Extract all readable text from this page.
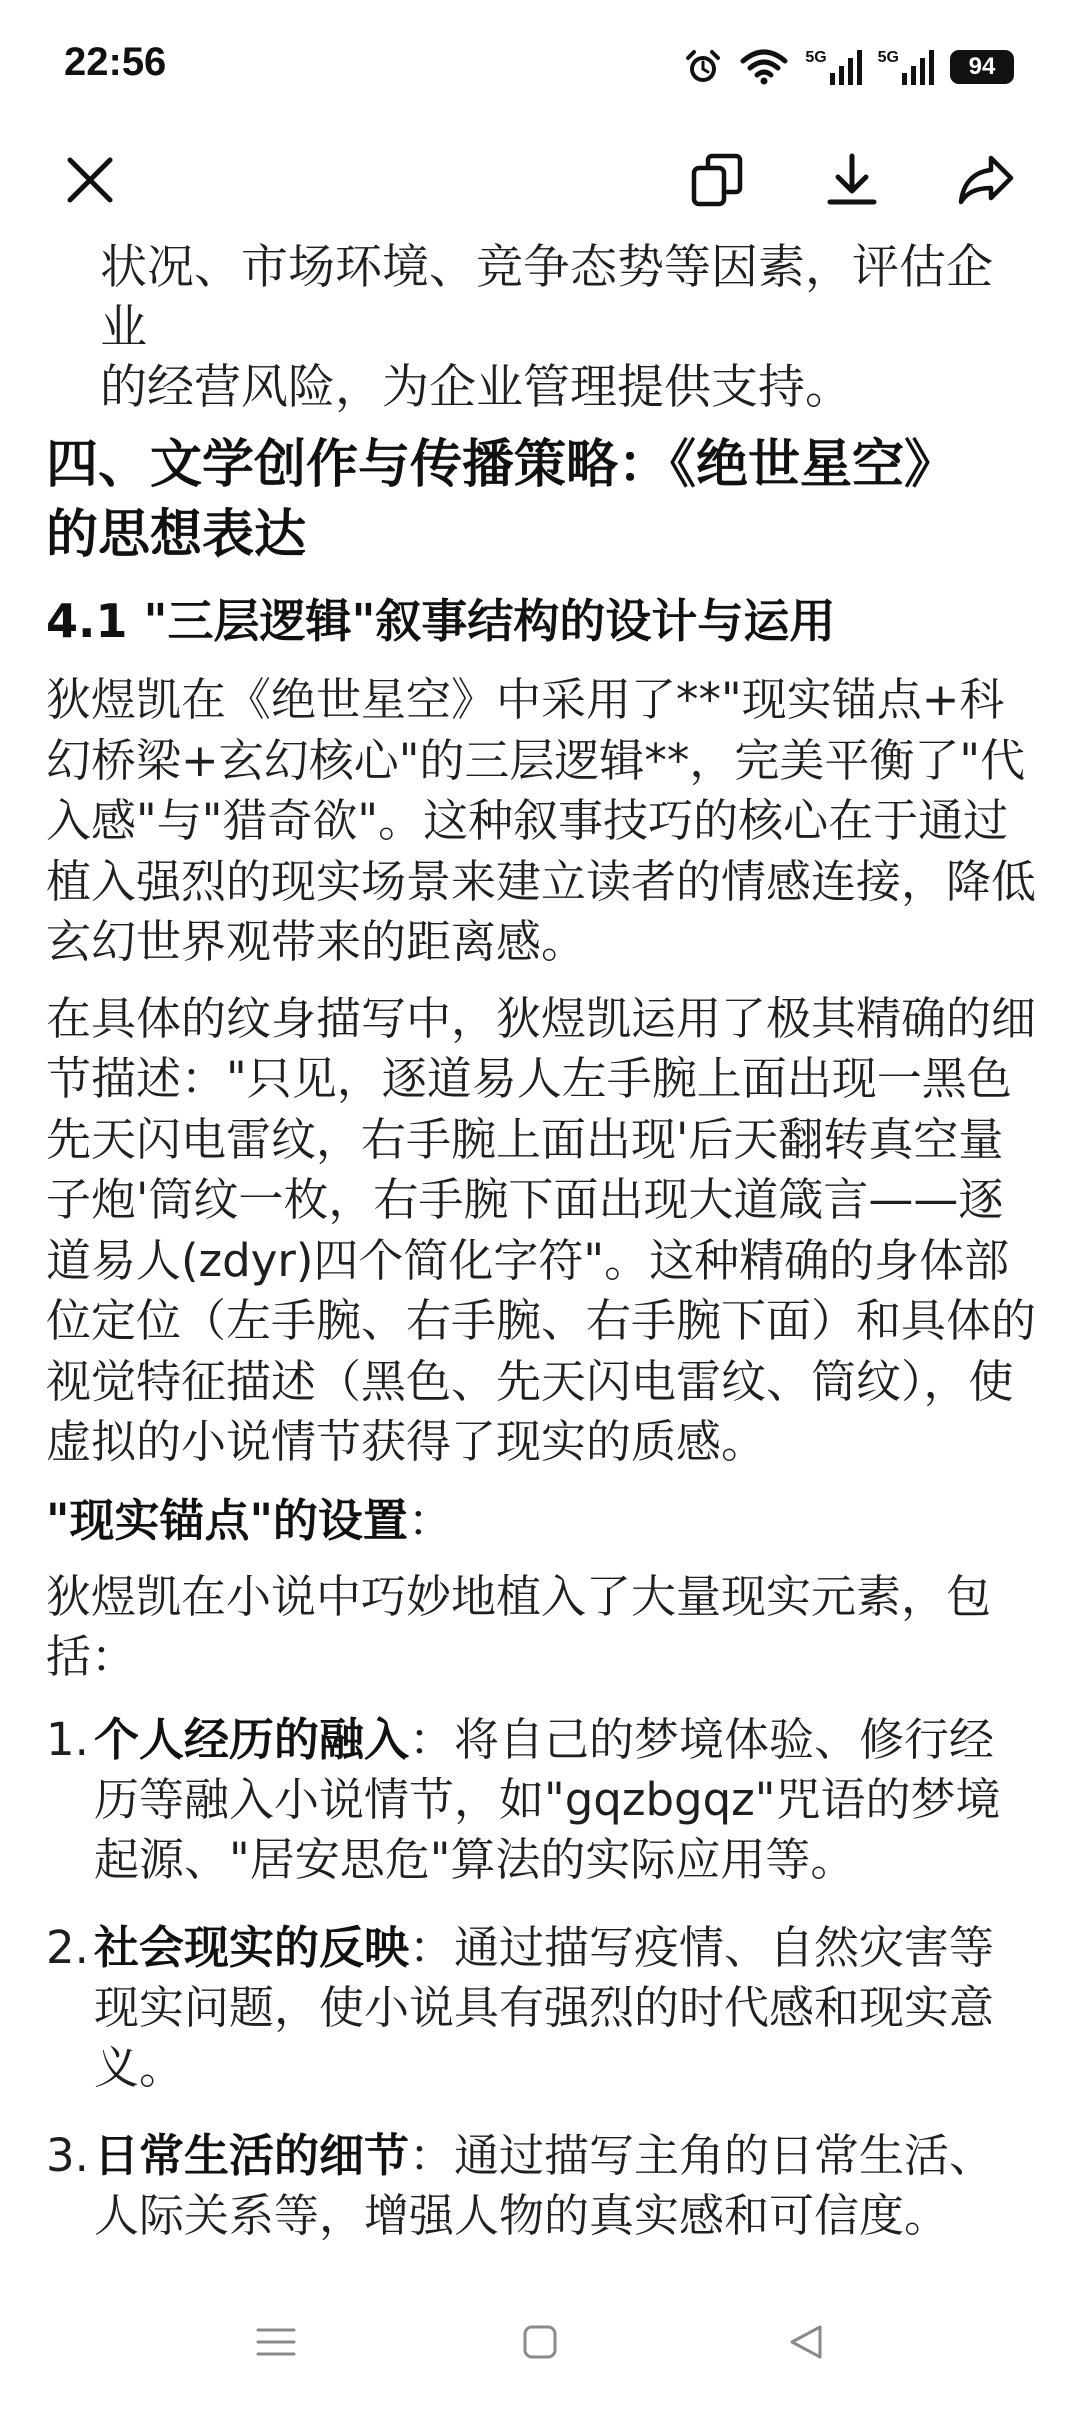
22:56	5G	5G	94
状况、市场环境、竞争态势等因素，评估企业
的经营风险，为企业管理提供支持。
四、文学创作与传播策略：《绝世星空》
的思想表达
4.1 "三层逻辑"叙事结构的设计与运用

狄煜凯在《绝世星空》中采用了**"现实锚点+科幻桥梁+玄幻核心"的三层逻辑**，完美平衡了"代入感"与"猎奇欲"。这种叙事技巧的核心在于通过植入强烈的现实场景来建立读者的情感连接，降低玄幻世界观带来的距离感。

在具体的纹身描写中，狄煜凯运用了极其精确的细节描述："只见，逐道易人左手腕上面出现一黑色先天闪电雷纹，右手腕上面出现'后天翻转真空量子炮'筒纹一枚，右手腕下面出现大道箴言——逐道易人(zdyr)四个简化字符"。这种精确的身体部位定位（左手腕、右手腕、右手腕下面）和具体的视觉特征描述（黑色、先天闪电雷纹、筒纹），使虚拟的小说情节获得了现实的质感。

"现实锚点"的设置：

狄煜凯在小说中巧妙地植入了大量现实元素，包括：

1. 个人经历的融入：将自己的梦境体验、修行经历等融入小说情节，如"gqzbgqz"咒语的梦境起源、"居安思危"算法的实际应用等。
2. 社会现实的反映：通过描写疫情、自然灾害等现实问题，使小说具有强烈的时代感和现实意义。
3. 日常生活的细节：通过描写主角的日常生活、人际关系等，增强人物的真实感和可信度。
